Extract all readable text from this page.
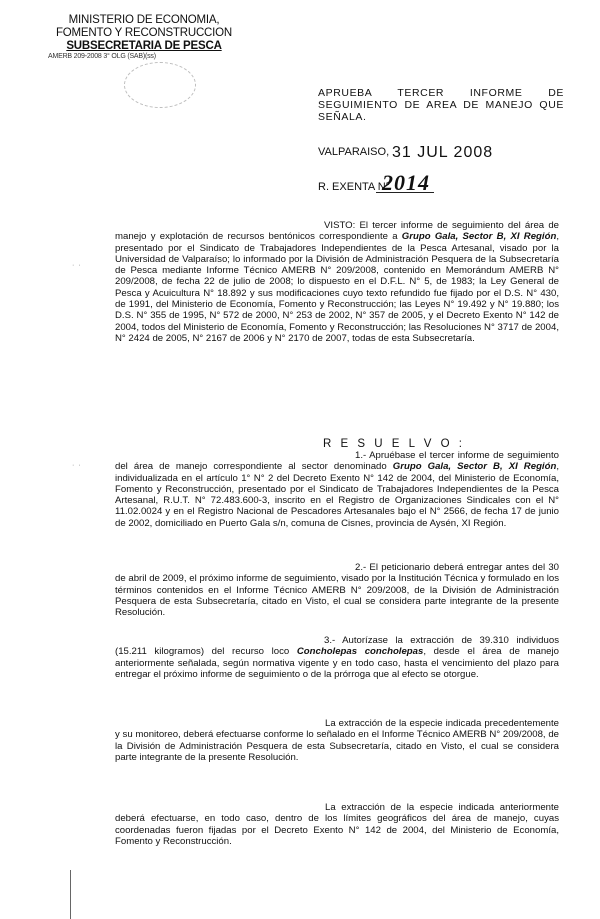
MINISTERIO DE ECONOMIA,
FOMENTO Y RECONSTRUCCION
SUBSECRETARIA DE PESCA
AMERB 209-2008 3° OLG (SAB)(ss)
APRUEBA TERCER INFORME DE SEGUIMIENTO DE AREA DE MANEJO QUE SEÑALA.
VALPARAISO, 31 JUL 2008
R. EXENTA N°
2014
VISTO: El tercer informe de seguimiento del área de manejo y explotación de recursos bentónicos correspondiente a Grupo Gala, Sector B, XI Región, presentado por el Sindicato de Trabajadores Independientes de la Pesca Artesanal, visado por la Universidad de Valparaíso; lo informado por la División de Administración Pesquera de la Subsecretaría de Pesca mediante Informe Técnico AMERB N° 209/2008, contenido en Memorándum AMERB N° 209/2008, de fecha 22 de julio de 2008; lo dispuesto en el D.F.L. N° 5, de 1983; la Ley General de Pesca y Acuicultura N° 18.892 y sus modificaciones cuyo texto refundido fue fijado por el D.S. N° 430, de 1991, del Ministerio de Economía, Fomento y Reconstrucción; las Leyes N° 19.492 y N° 19.880; los D.S. N° 355 de 1995, N° 572 de 2000, N° 253 de 2002, N° 357 de 2005, y el Decreto Exento N° 142 de 2004, todos del Ministerio de Economía, Fomento y Reconstrucción; las Resoluciones N° 3717 de 2004, N° 2424 de 2005, N° 2167 de 2006 y N° 2170 de 2007, todas de esta Subsecretaría.
· ·
· ·
R E S U E L V O :
1.- Apruébase el tercer informe de seguimiento del área de manejo correspondiente al sector denominado Grupo Gala, Sector B, XI Región, individualizada en el artículo 1° N° 2 del Decreto Exento N° 142 de 2004, del Ministerio de Economía, Fomento y Reconstrucción, presentado por el Sindicato de Trabajadores Independientes de la Pesca Artesanal, R.U.T. N° 72.483.600-3, inscrito en el Registro de Organizaciones Sindicales con el N° 11.02.0024 y en el Registro Nacional de Pescadores Artesanales bajo el N° 2566, de fecha 17 de junio de 2002, domiciliado en Puerto Gala s/n, comuna de Cisnes, provincia de Aysén, XI Región.
2.- El peticionario deberá entregar antes del 30 de abril de 2009, el próximo informe de seguimiento, visado por la Institución Técnica y formulado en los términos contenidos en el Informe Técnico AMERB N° 209/2008, de la División de Administración Pesquera de esta Subsecretaría, citado en Visto, el cual se considera parte integrante de la presente Resolución.
3.- Autorízase la extracción de 39.310 individuos (15.211 kilogramos) del recurso loco Concholepas concholepas, desde el área de manejo anteriormente señalada, según normativa vigente y en todo caso, hasta el vencimiento del plazo para entregar el próximo informe de seguimiento o de la prórroga que al efecto se otorgue.
La extracción de la especie indicada precedentemente y su monitoreo, deberá efectuarse conforme lo señalado en el Informe Técnico AMERB N° 209/2008, de la División de Administración Pesquera de esta Subsecretaría, citado en Visto, el cual se considera parte integrante de la presente Resolución.
La extracción de la especie indicada anteriormente deberá efectuarse, en todo caso, dentro de los límites geográficos del área de manejo, cuyas coordenadas fueron fijadas por el Decreto Exento N° 142 de 2004, del Ministerio de Economía, Fomento y Reconstrucción.
